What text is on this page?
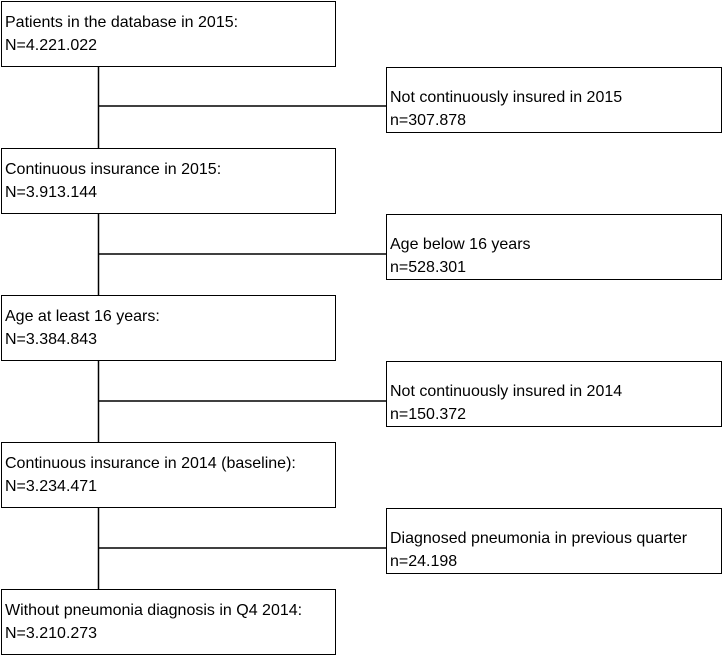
Patients in the database in 2015:
N=4.221.022
Not continuously insured in 2015
n=307.878
Continuous insurance in 2015:
N=3.913.144
Age below 16 years
n=528.301
Age at least 16 years:
N=3.384.843
Not continuously insured in 2014
n=150.372
Continuous insurance in 2014 (baseline):
N=3.234.471
Diagnosed pneumonia in previous quarter
n=24.198
Without pneumonia diagnosis in Q4 2014:
N=3.210.273
